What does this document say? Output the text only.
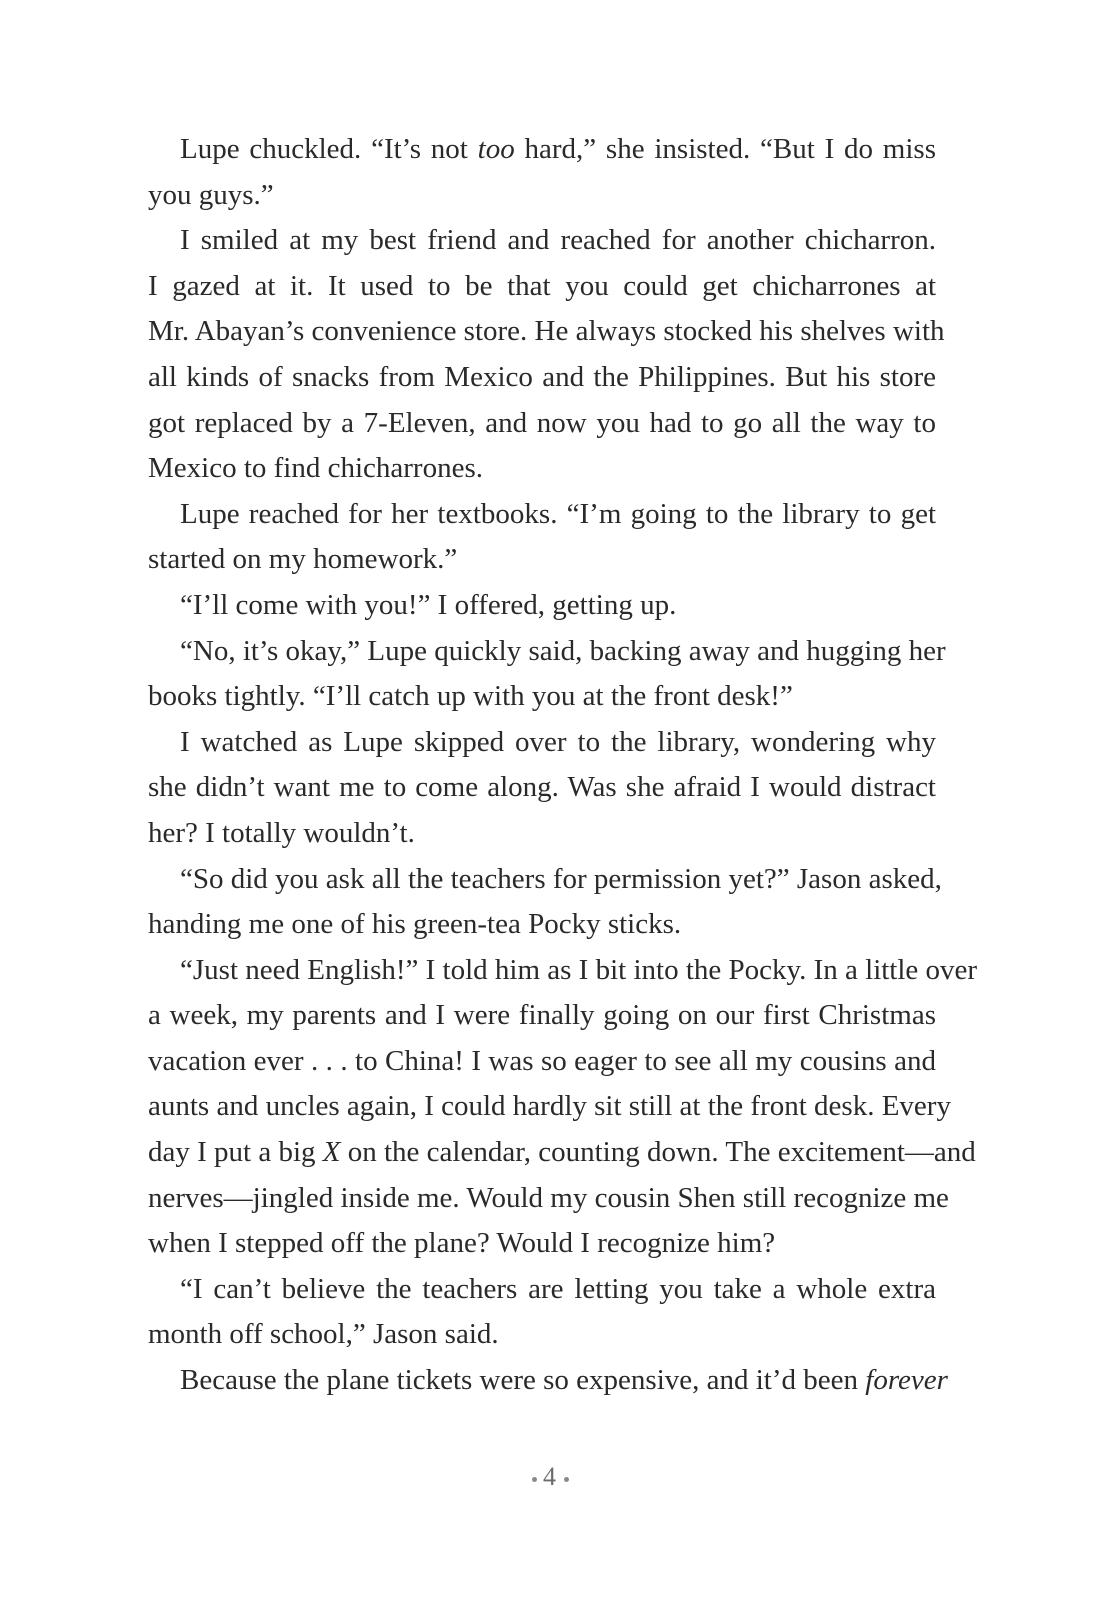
Lupe chuckled. “It’s not too hard,” she insisted. “But I do miss
you guys.”
I smiled at my best friend and reached for another chicharron.
I gazed at it. It used to be that you could get chicharrones at
Mr. Abayan’s convenience store. He always stocked his shelves with
all kinds of snacks from Mexico and the Philippines. But his store
got replaced by a 7-Eleven, and now you had to go all the way to
Mexico to find chicharrones.
Lupe reached for her textbooks. “I’m going to the library to get
started on my homework.”
“I’ll come with you!” I offered, getting up.
“No, it’s okay,” Lupe quickly said, backing away and hugging her
books tightly. “I’ll catch up with you at the front desk!”
I watched as Lupe skipped over to the library, wondering why
she didn’t want me to come along. Was she afraid I would distract
her? I totally wouldn’t.
“So did you ask all the teachers for permission yet?” Jason asked,
handing me one of his green-tea Pocky sticks.
“Just need English!” I told him as I bit into the Pocky. In a little over
a week, my parents and I were finally going on our first Christmas
vacation ever . . . to China! I was so eager to see all my cousins and
aunts and uncles again, I could hardly sit still at the front desk. Every
day I put a big X on the calendar, counting down. The excitement—and
nerves—jingled inside me. Would my cousin Shen still recognize me
when I stepped off the plane? Would I recognize him?
“I can’t believe the teachers are letting you take a whole extra
month off school,” Jason said.
Because the plane tickets were so expensive, and it’d been forever
4
